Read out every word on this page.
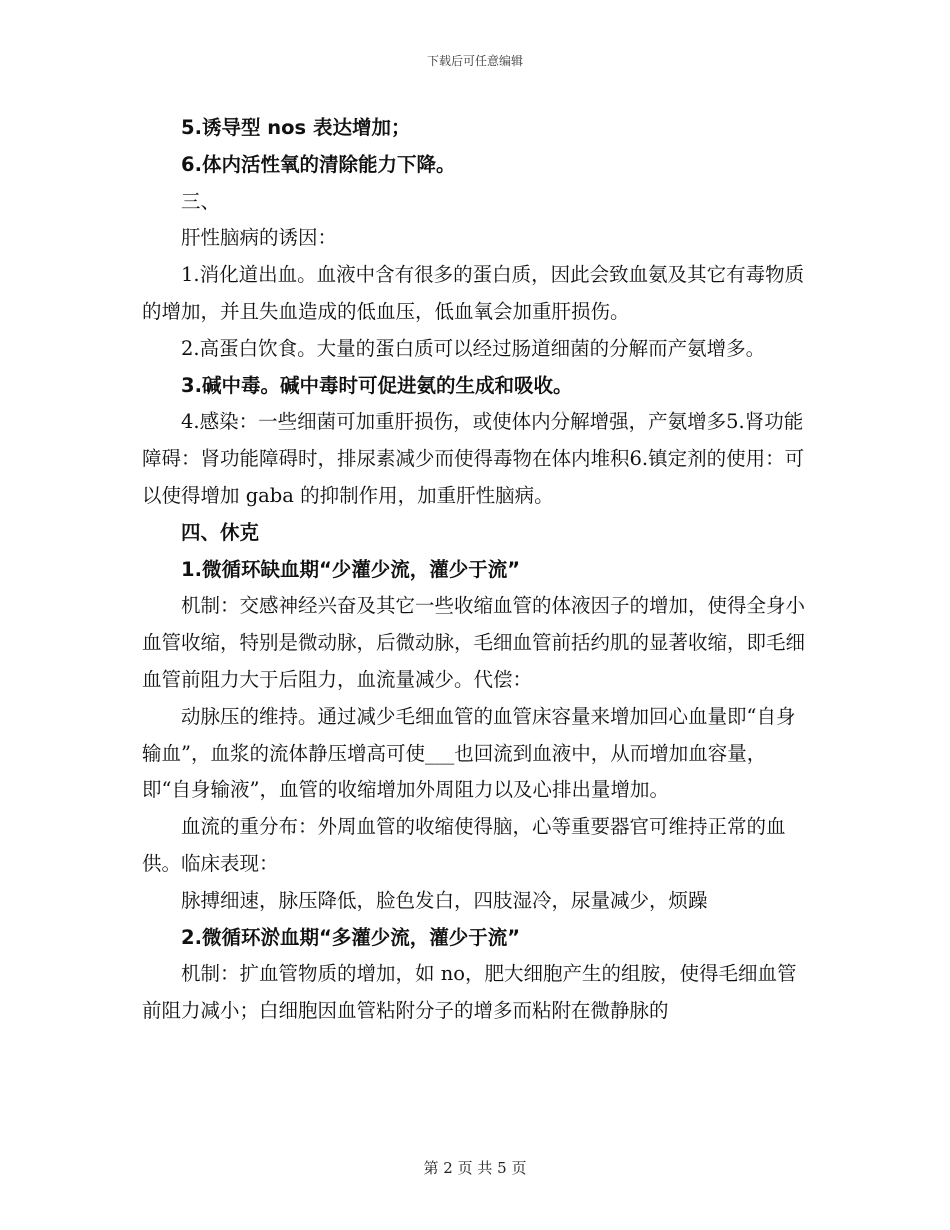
下载后可任意编辑

5.诱导型 nos 表达增加；

6.体内活性氧的清除能力下降。

三、

肝性脑病的诱因：

1.消化道出血。血液中含有很多的蛋白质，因此会致血氨及其它有毒物质的增加，并且失血造成的低血压，低血氧会加重肝损伤。

2.高蛋白饮食。大量的蛋白质可以经过肠道细菌的分解而产氨增多。

3.碱中毒。碱中毒时可促进氨的生成和吸收。

4.感染：一些细菌可加重肝损伤，或使体内分解增强，产氨增多5.肾功能障碍：肾功能障碍时，排尿素减少而使得毒物在体内堆积6.镇定剂的使用：可以使得增加 gaba 的抑制作用，加重肝性脑病。

四、休克

1.微循环缺血期“少灌少流，灌少于流”

机制：交感神经兴奋及其它一些收缩血管的体液因子的增加，使得全身小血管收缩，特别是微动脉，后微动脉，毛细血管前括约肌的显著收缩，即毛细血管前阻力大于后阻力，血流量减少。代偿：

动脉压的维持。通过减少毛细血管的血管床容量来增加回心血量即“自身输血”，血浆的流体静压增高可使___也回流到血液中，从而增加血容量，即“自身输液”，血管的收缩增加外周阻力以及心排出量增加。

血流的重分布：外周血管的收缩使得脑，心等重要器官可维持正常的血供。临床表现：

脉搏细速，脉压降低，脸色发白，四肢湿冷，尿量减少，烦躁

2.微循环淤血期“多灌少流，灌少于流”

机制：扩血管物质的增加，如 no，肥大细胞产生的组胺，使得毛细血管前阻力减小；白细胞因血管粘附分子的增多而粘附在微静脉的

第 2 页 共 5 页
